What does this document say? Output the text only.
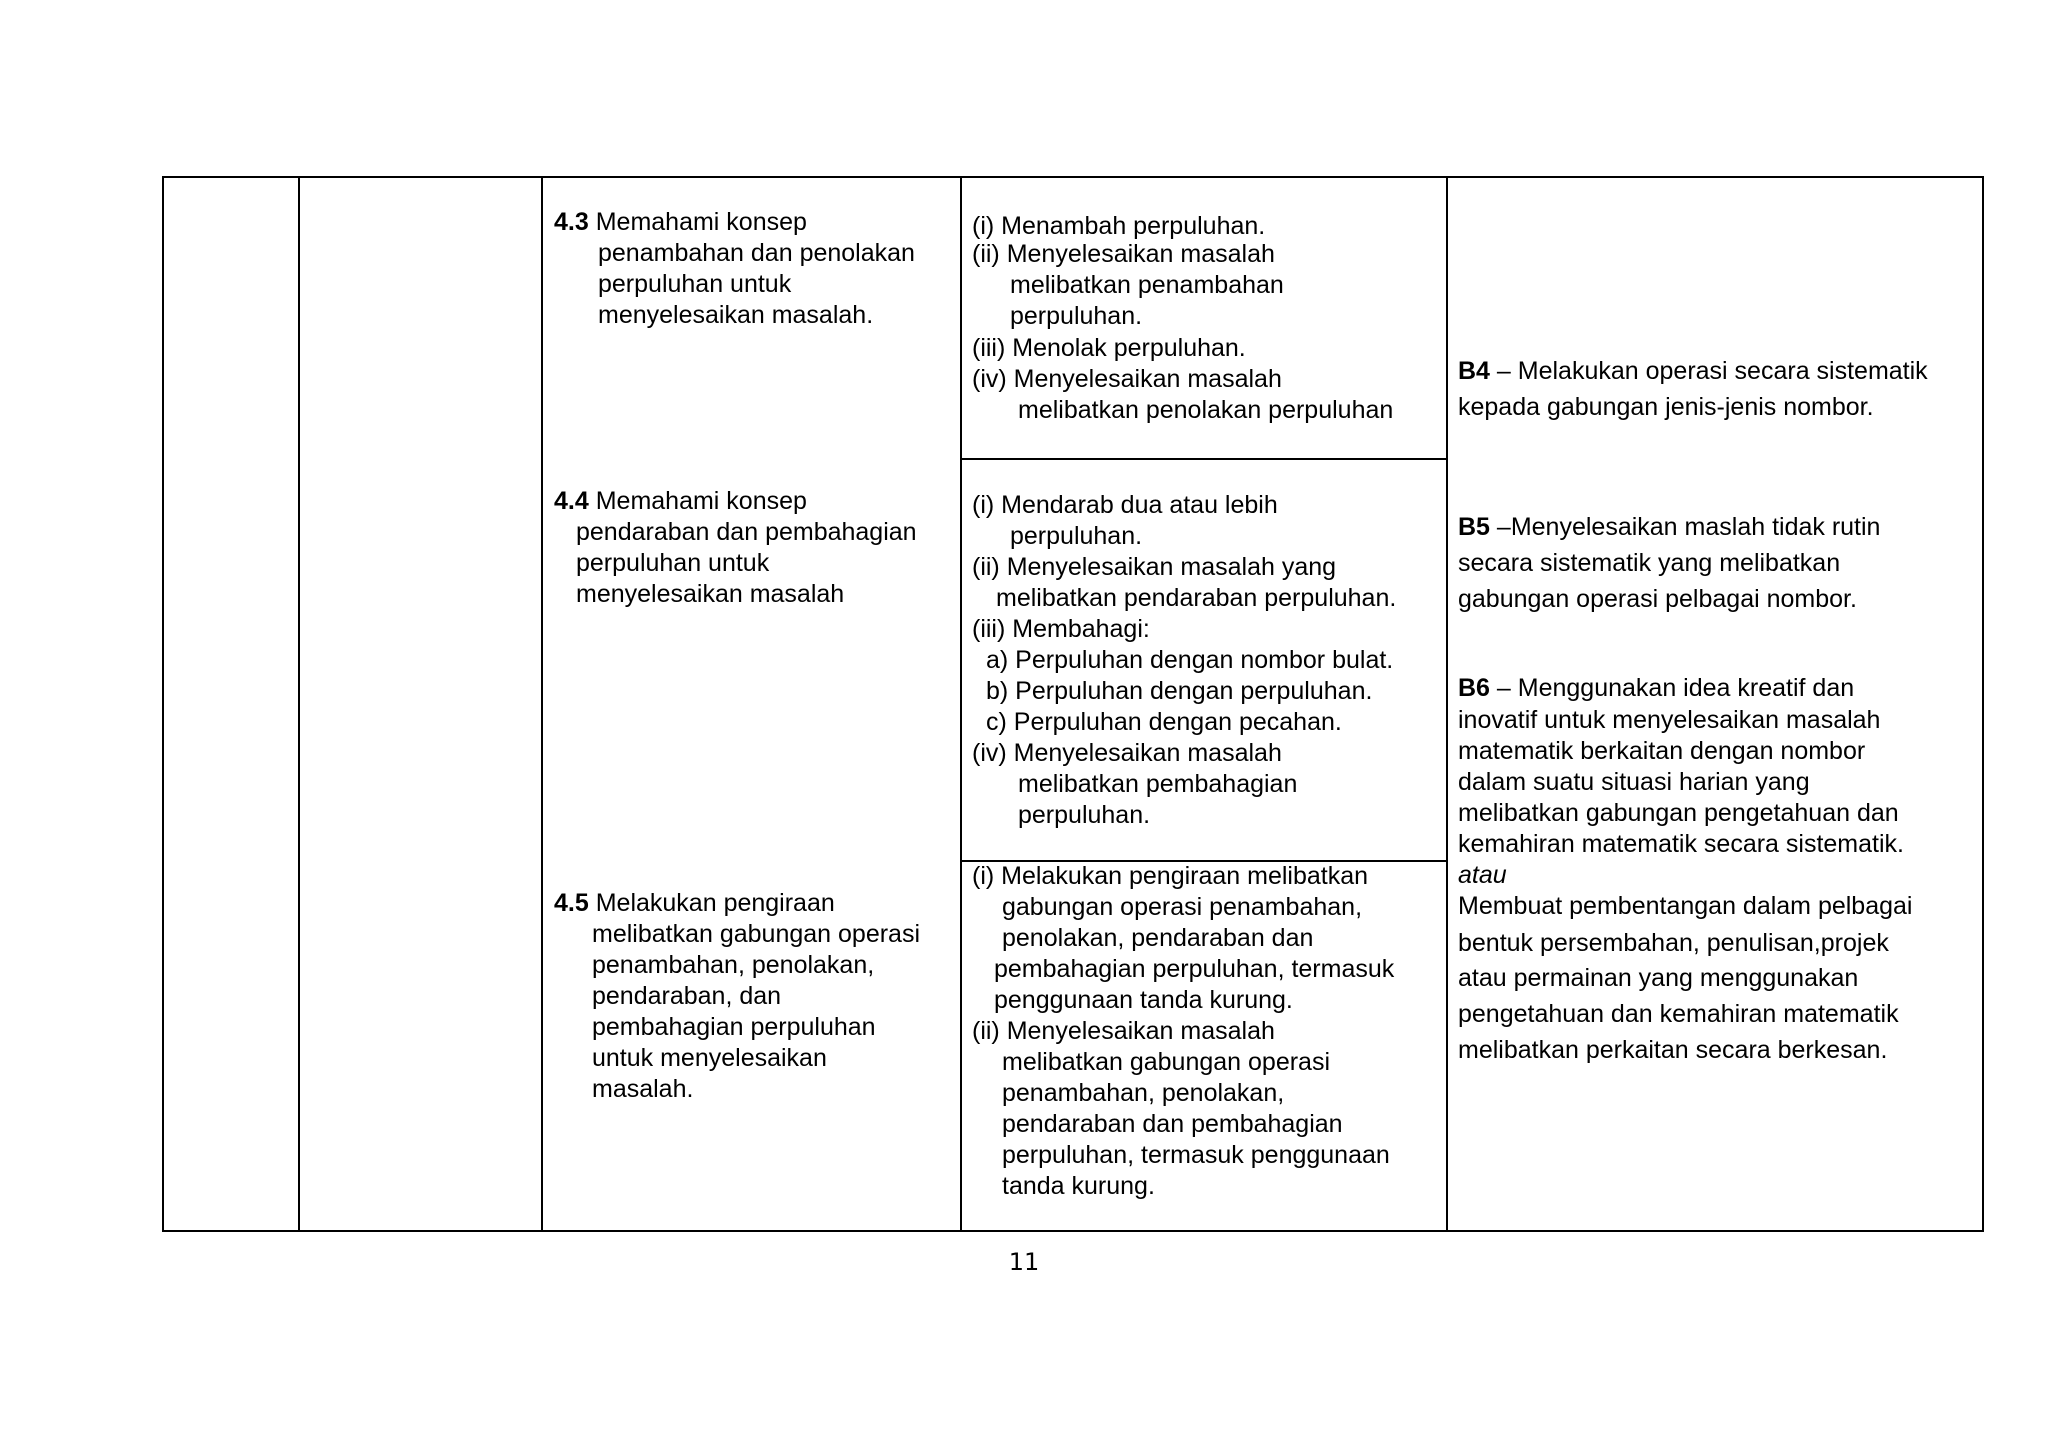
4.3 Memahami konsep
penambahan dan penolakan
perpuluhan untuk
menyelesaikan masalah.
(i) Menambah perpuluhan.
(ii) Menyelesaikan masalah
melibatkan penambahan
perpuluhan.
(iii) Menolak perpuluhan.
(iv) Menyelesaikan masalah
melibatkan penolakan perpuluhan
4.4 Memahami konsep
pendaraban dan pembahagian
perpuluhan untuk
menyelesaikan masalah
(i) Mendarab dua atau lebih
perpuluhan.
(ii) Menyelesaikan masalah yang
melibatkan pendaraban perpuluhan.
(iii) Membahagi:
a) Perpuluhan dengan nombor bulat.
b) Perpuluhan dengan perpuluhan.
c) Perpuluhan dengan pecahan.
(iv) Menyelesaikan masalah
melibatkan pembahagian
perpuluhan.
4.5 Melakukan pengiraan
melibatkan gabungan operasi
penambahan, penolakan,
pendaraban, dan
pembahagian perpuluhan
untuk menyelesaikan
masalah.
(i) Melakukan pengiraan melibatkan
gabungan operasi penambahan,
penolakan, pendaraban dan
pembahagian perpuluhan, termasuk
penggunaan tanda kurung.
(ii) Menyelesaikan masalah
melibatkan gabungan operasi
penambahan, penolakan,
pendaraban dan pembahagian
perpuluhan, termasuk penggunaan
tanda kurung.
B4 – Melakukan operasi secara sistematik
kepada gabungan jenis-jenis nombor.
B5 –Menyelesaikan maslah tidak rutin
secara sistematik yang melibatkan
gabungan operasi pelbagai nombor.
B6 – Menggunakan idea kreatif dan
inovatif untuk menyelesaikan masalah
matematik berkaitan dengan nombor
dalam suatu situasi harian yang
melibatkan gabungan pengetahuan dan
kemahiran matematik secara sistematik.
atau
Membuat pembentangan dalam pelbagai
bentuk persembahan, penulisan,projek
atau permainan yang menggunakan
pengetahuan dan kemahiran matematik
melibatkan perkaitan secara berkesan.
11
